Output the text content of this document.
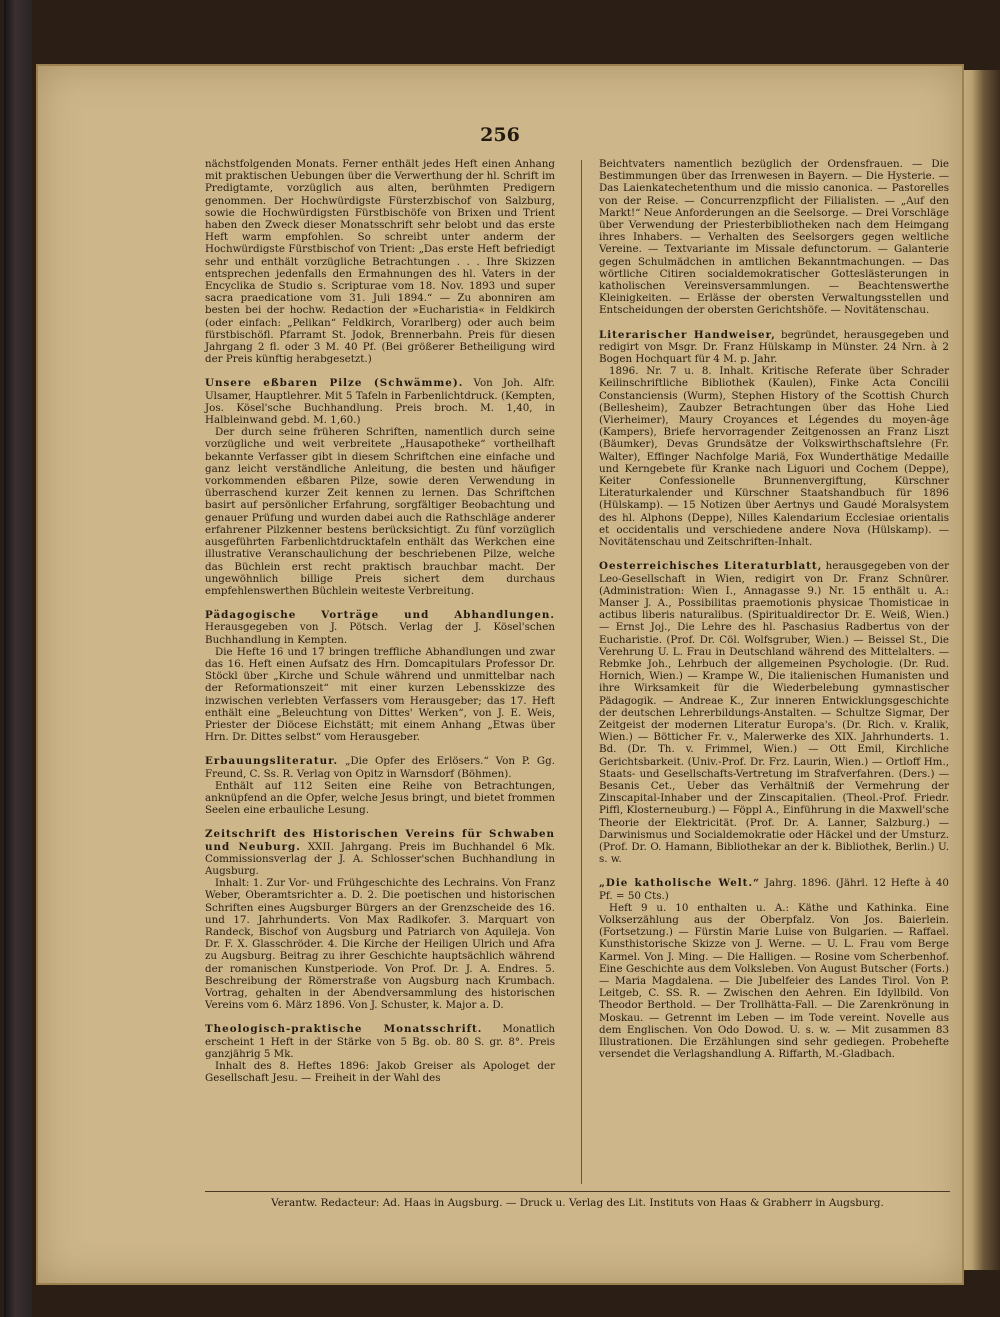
256

nächstfolgenden Monats. Ferner enthält jedes Heft einen Anhang mit praktischen Uebungen über die Verwerthung der hl. Schrift im Predigtamte, vorzüglich aus alten, berühmten Predigern genommen. Der Hochwürdigste Fürsterzbischof von Salzburg, sowie die Hochwürdigsten Fürstbischöfe von Brixen und Trient haben den Zweck dieser Monatsschrift sehr belobt und das erste Heft warm empfohlen. So schreibt unter anderm der Hochwürdigste Fürstbischof von Trient: „Das erste Heft befriedigt sehr und enthält vorzügliche Betrachtungen . . . Ihre Skizzen entsprechen jedenfalls den Ermahnungen des hl. Vaters in der Encyclika de Studio s. Scripturae vom 18. Nov. 1893 und super sacra praedicatione vom 31. Juli 1894.“ — Zu abonniren am besten bei der hochw. Redaction der »Eucharistia« in Feldkirch (oder einfach: „Pelikan“ Feldkirch, Vorarlberg) oder auch beim fürstbischöfl. Pfarramt St. Jodok, Brennerbahn. Preis für diesen Jahrgang 2 fl. oder 3 M. 40 Pf. (Bei größerer Betheiligung wird der Preis künftig herabgesetzt.)

Unsere eßbaren Pilze (Schwämme). Von Joh. Alfr. Ulsamer, Hauptlehrer. Mit 5 Tafeln in Farbenlichtdruck. (Kempten, Jos. Kösel'sche Buchhandlung. Preis broch. M. 1,40, in Halbleinwand gebd. M. 1,60.)

Der durch seine früheren Schriften, namentlich durch seine vorzügliche und weit verbreitete „Hausapotheke“ vortheilhaft bekannte Verfasser gibt in diesem Schriftchen eine einfache und ganz leicht verständliche Anleitung, die besten und häufiger vorkommenden eßbaren Pilze, sowie deren Verwendung in überraschend kurzer Zeit kennen zu lernen. Das Schriftchen basirt auf persönlicher Erfahrung, sorgfältiger Beobachtung und genauer Prüfung und wurden dabei auch die Rathschläge anderer erfahrener Pilzkenner bestens berücksichtigt. Zu fünf vorzüglich ausgeführten Farbenlichtdrucktafeln enthält das Werkchen eine illustrative Veranschaulichung der beschriebenen Pilze, welche das Büchlein erst recht praktisch brauchbar macht. Der ungewöhnlich billige Preis sichert dem durchaus empfehlenswerthen Büchlein weiteste Verbreitung.

Pädagogische Vorträge und Abhandlungen. Herausgegeben von J. Pötsch. Verlag der J. Kösel'schen Buchhandlung in Kempten.

Die Hefte 16 und 17 bringen treffliche Abhandlungen und zwar das 16. Heft einen Aufsatz des Hrn. Domcapitulars Professor Dr. Stöckl über „Kirche und Schule während und unmittelbar nach der Reformationszeit“ mit einer kurzen Lebensskizze des inzwischen verlebten Verfassers vom Herausgeber; das 17. Heft enthält eine „Beleuchtung von Dittes' Werken“, von J. E. Weis, Priester der Diöcese Eichstätt; mit einem Anhang „Etwas über Hrn. Dr. Dittes selbst“ vom Herausgeber.

Erbauungsliteratur. „Die Opfer des Erlösers.“ Von P. Gg. Freund, C. Ss. R. Verlag von Opitz in Warnsdorf (Böhmen).

Enthält auf 112 Seiten eine Reihe von Betrachtungen, anknüpfend an die Opfer, welche Jesus bringt, und bietet frommen Seelen eine erbauliche Lesung.

Zeitschrift des Historischen Vereins für Schwaben und Neuburg. XXII. Jahrgang. Preis im Buchhandel 6 Mk. Commissionsverlag der J. A. Schlosser'schen Buchhandlung in Augsburg.

Inhalt: 1. Zur Vor- und Frühgeschichte des Lechrains. Von Franz Weber, Oberamtsrichter a. D. 2. Die poetischen und historischen Schriften eines Augsburger Bürgers an der Grenzscheide des 16. und 17. Jahrhunderts. Von Max Radlkofer. 3. Marquart von Randeck, Bischof von Augsburg und Patriarch von Aquileja. Von Dr. F. X. Glasschröder. 4. Die Kirche der Heiligen Ulrich und Afra zu Augsburg. Beitrag zu ihrer Geschichte hauptsächlich während der romanischen Kunstperiode. Von Prof. Dr. J. A. Endres. 5. Beschreibung der Römerstraße von Augsburg nach Krumbach. Vortrag, gehalten in der Abendversammlung des historischen Vereins vom 6. März 1896. Von J. Schuster, k. Major a. D.

Theologisch-praktische Monatsschrift. Monatlich erscheint 1 Heft in der Stärke von 5 Bg. ob. 80 S. gr. 8°. Preis ganzjährig 5 Mk.

Inhalt des 8. Heftes 1896: Jakob Greiser als Apologet der Gesellschaft Jesu. — Freiheit in der Wahl des

Beichtvaters namentlich bezüglich der Ordensfrauen. — Die Bestimmungen über das Irrenwesen in Bayern. — Die Hysterie. — Das Laienkatechetenthum und die missio canonica. — Pastorelles von der Reise. — Concurrenzpflicht der Filialisten. — „Auf den Markt!“ Neue Anforderungen an die Seelsorge. — Drei Vorschläge über Verwendung der Priesterbibliotheken nach dem Heimgang ihres Inhabers. — Verhalten des Seelsorgers gegen weltliche Vereine. — Textvariante im Missale defunctorum. — Galanterie gegen Schulmädchen in amtlichen Bekanntmachungen. — Das wörtliche Citiren socialdemokratischer Gotteslästerungen in katholischen Vereinsversammlungen. — Beachtenswerthe Kleinigkeiten. — Erlässe der obersten Verwaltungsstellen und Entscheidungen der obersten Gerichtshöfe. — Novitätenschau.

Literarischer Handweiser, begründet, herausgegeben und redigirt von Msgr. Dr. Franz Hülskamp in Münster. 24 Nrn. à 2 Bogen Hochquart für 4 M. p. Jahr.

1896. Nr. 7 u. 8. Inhalt. Kritische Referate über Schrader Keilinschriftliche Bibliothek (Kaulen), Finke Acta Concilii Constanciensis (Wurm), Stephen History of the Scottish Church (Bellesheim), Zaubzer Betrachtungen über das Hohe Lied (Vierheimer), Maury Croyances et Légendes du moyen-âge (Kampers), Briefe hervorragender Zeitgenossen an Franz Liszt (Bäumker), Devas Grundsätze der Volkswirthschaftslehre (Fr. Walter), Effinger Nachfolge Mariä, Fox Wunderthätige Medaille und Kerngebete für Kranke nach Liguori und Cochem (Deppe), Keiter Confessionelle Brunnenvergiftung, Kürschner Literaturkalender und Kürschner Staatshandbuch für 1896 (Hülskamp). — 15 Notizen über Aertnys und Gaudé Moralsystem des hl. Alphons (Deppe), Nilles Kalendarium Ecclesiae orientalis et occidentalis und verschiedene andere Nova (Hülskamp). — Novitätenschau und Zeitschriften-Inhalt.

Oesterreichisches Literaturblatt, herausgegeben von der Leo-Gesellschaft in Wien, redigirt von Dr. Franz Schnürer. (Administration: Wien I., Annagasse 9.) Nr. 15 enthält u. A.: Manser J. A., Possibilitas praemotionis physicae Thomisticae in actibus liberis naturalibus. (Spiritualdirector Dr. E. Weiß, Wien.) — Ernst Joj., Die Lehre des hl. Paschasius Radbertus von der Eucharistie. (Prof. Dr. Cöl. Wolfsgruber, Wien.) — Beissel St., Die Verehrung U. L. Frau in Deutschland während des Mittelalters. — Rebmke Joh., Lehrbuch der allgemeinen Psychologie. (Dr. Rud. Hornich, Wien.) — Krampe W., Die italienischen Humanisten und ihre Wirksamkeit für die Wiederbelebung gymnastischer Pädagogik. — Andreae K., Zur inneren Entwicklungsgeschichte der deutschen Lehrerbildungs-Anstalten. — Schultze Sigmar, Der Zeitgeist der modernen Literatur Europa's. (Dr. Rich. v. Kralik, Wien.) — Bötticher Fr. v., Malerwerke des XIX. Jahrhunderts. 1. Bd. (Dr. Th. v. Frimmel, Wien.) — Ott Emil, Kirchliche Gerichtsbarkeit. (Univ.-Prof. Dr. Frz. Laurin, Wien.) — Ortloff Hm., Staats- und Gesellschafts-Vertretung im Strafverfahren. (Ders.) — Besanis Cet., Ueber das Verhältniß der Vermehrung der Zinscapital-Inhaber und der Zinscapitalien. (Theol.-Prof. Friedr. Piffl, Klosterneuburg.) — Föppl A., Einführung in die Maxwell'sche Theorie der Elektricität. (Prof. Dr. A. Lanner, Salzburg.) — Darwinismus und Socialdemokratie oder Häckel und der Umsturz. (Prof. Dr. O. Hamann, Bibliothekar an der k. Bibliothek, Berlin.) U. s. w.

„Die katholische Welt.“ Jahrg. 1896. (Jährl. 12 Hefte à 40 Pf. = 50 Cts.)

Heft 9 u. 10 enthalten u. A.: Käthe und Kathinka. Eine Volkserzählung aus der Oberpfalz. Von Jos. Baierlein. (Fortsetzung.) — Fürstin Marie Luise von Bulgarien. — Raffael. Kunsthistorische Skizze von J. Werne. — U. L. Frau vom Berge Karmel. Von J. Ming. — Die Halligen. — Rosine vom Scherbenhof. Eine Geschichte aus dem Volksleben. Von August Butscher (Forts.) — Maria Magdalena. — Die Jubelfeier des Landes Tirol. Von P. Leitgeb, C. SS. R. — Zwischen den Aehren. Ein Idyllbild. Von Theodor Berthold. — Der Trollhätta-Fall. — Die Zarenkrönung in Moskau. — Getrennt im Leben — im Tode vereint. Novelle aus dem Englischen. Von Odo Dowod. U. s. w. — Mit zusammen 83 Illustrationen. Die Erzählungen sind sehr gediegen. Probehefte versendet die Verlagshandlung A. Riffarth, M.-Gladbach.

Verantw. Redacteur: Ad. Haas in Augsburg. — Druck u. Verlag des Lit. Instituts von Haas & Grabherr in Augsburg.
